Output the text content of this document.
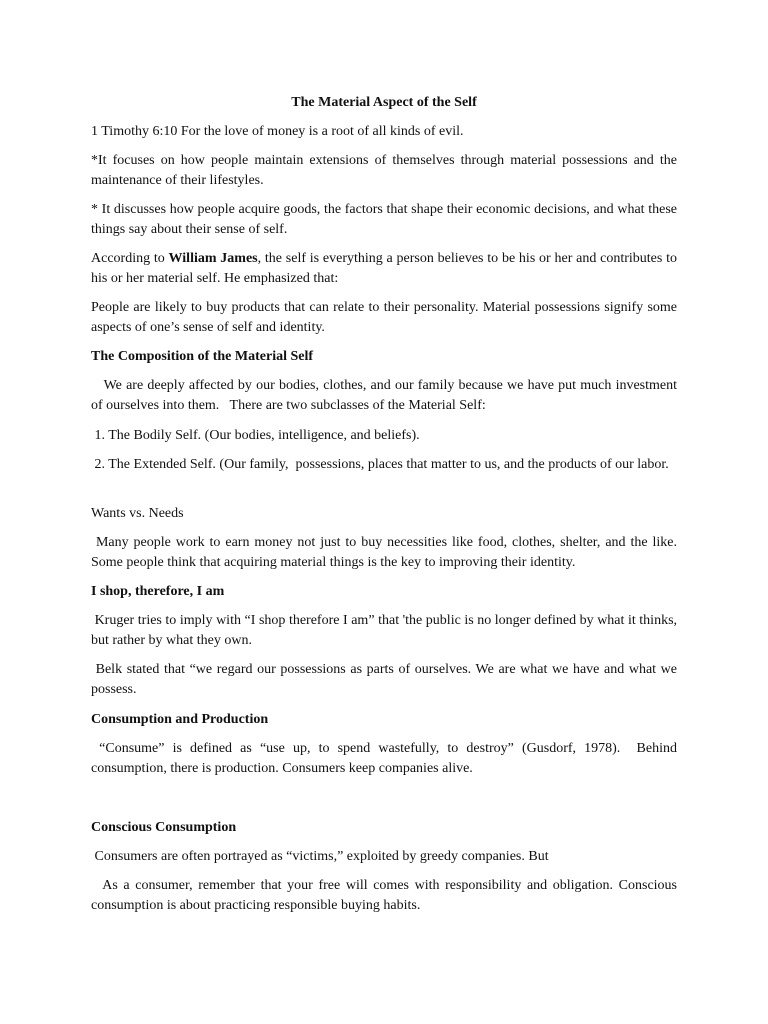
The Material Aspect of the Self

1 Timothy 6:10 For the love of money is a root of all kinds of evil.

*It focuses on how people maintain extensions of themselves through material possessions and the maintenance of their lifestyles.

* It discusses how people acquire goods, the factors that shape their economic decisions, and what these things say about their sense of self.

According to William James, the self is everything a person believes to be his or her and contributes to his or her material self. He emphasized that:

People are likely to buy products that can relate to their personality. Material possessions signify some aspects of one’s sense of self and identity.

The Composition of the Material Self

We are deeply affected by our bodies, clothes, and our family because we have put much investment of ourselves into them.   There are two subclasses of the Material Self:

1. The Bodily Self. (Our bodies, intelligence, and beliefs).

2. The Extended Self. (Our family,  possessions, places that matter to us, and the products of our labor.

Wants vs. Needs

Many people work to earn money not just to buy necessities like food, clothes, shelter, and the like.  Some people think that acquiring material things is the key to improving their identity.

I shop, therefore, I am

Kruger tries to imply with “I shop therefore I am” that 'the public is no longer defined by what it thinks, but rather by what they own.

Belk stated that “we regard our possessions as parts of ourselves. We are what we have and what we possess.

Consumption and Production

“Consume” is defined as “use up, to spend wastefully, to destroy” (Gusdorf, 1978).  Behind consumption, there is production. Consumers keep companies alive.

Conscious Consumption

Consumers are often portrayed as “victims,” exploited by greedy companies. But

As a consumer, remember that your free will comes with responsibility and obligation. Conscious consumption is about practicing responsible buying habits.
